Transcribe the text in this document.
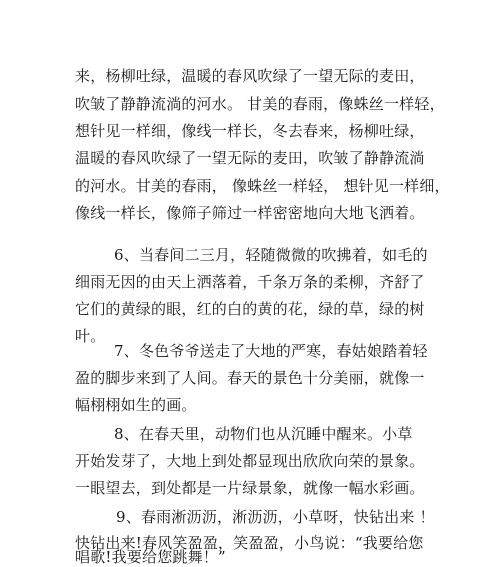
来，杨柳吐绿，温暖的春风吹绿了一望无际的麦田，
吹皱了静静流淌的河水。 甘美的春雨，像蛛丝一样轻，
想针见一样细，像线一样长，冬去春来，杨柳吐绿，
温暖的春风吹绿了一望无际的麦田，吹皱了静静流淌
的河水。甘美的春雨， 像蛛丝一样轻， 想针见一样细，
像线一样长，像筛子筛过一样密密地向大地飞洒着。
6、当春间二三月，轻随微微的吹拂着，如毛的
细雨无因的由天上洒落着，千条万条的柔柳，齐舒了
它们的黄绿的眼，红的白的黄的花，绿的草，绿的树
叶。
7、冬色爷爷送走了大地的严寒，春姑娘踏着轻
盈的脚步来到了人间。春天的景色十分美丽，就像一
幅栩栩如生的画。
8、在春天里，动物们也从沉睡中醒来。小草
开始发芽了，大地上到处都显现出欣欣向荣的景象。
一眼望去，到处都是一片绿景象，就像一幅水彩画。
9、春雨淅沥沥，淅沥沥，小草呀，快钻出来 ！
快钻出来!春风笑盈盈，笑盈盈，小鸟说：“我要给您
唱歌!我要给您跳舞！”
